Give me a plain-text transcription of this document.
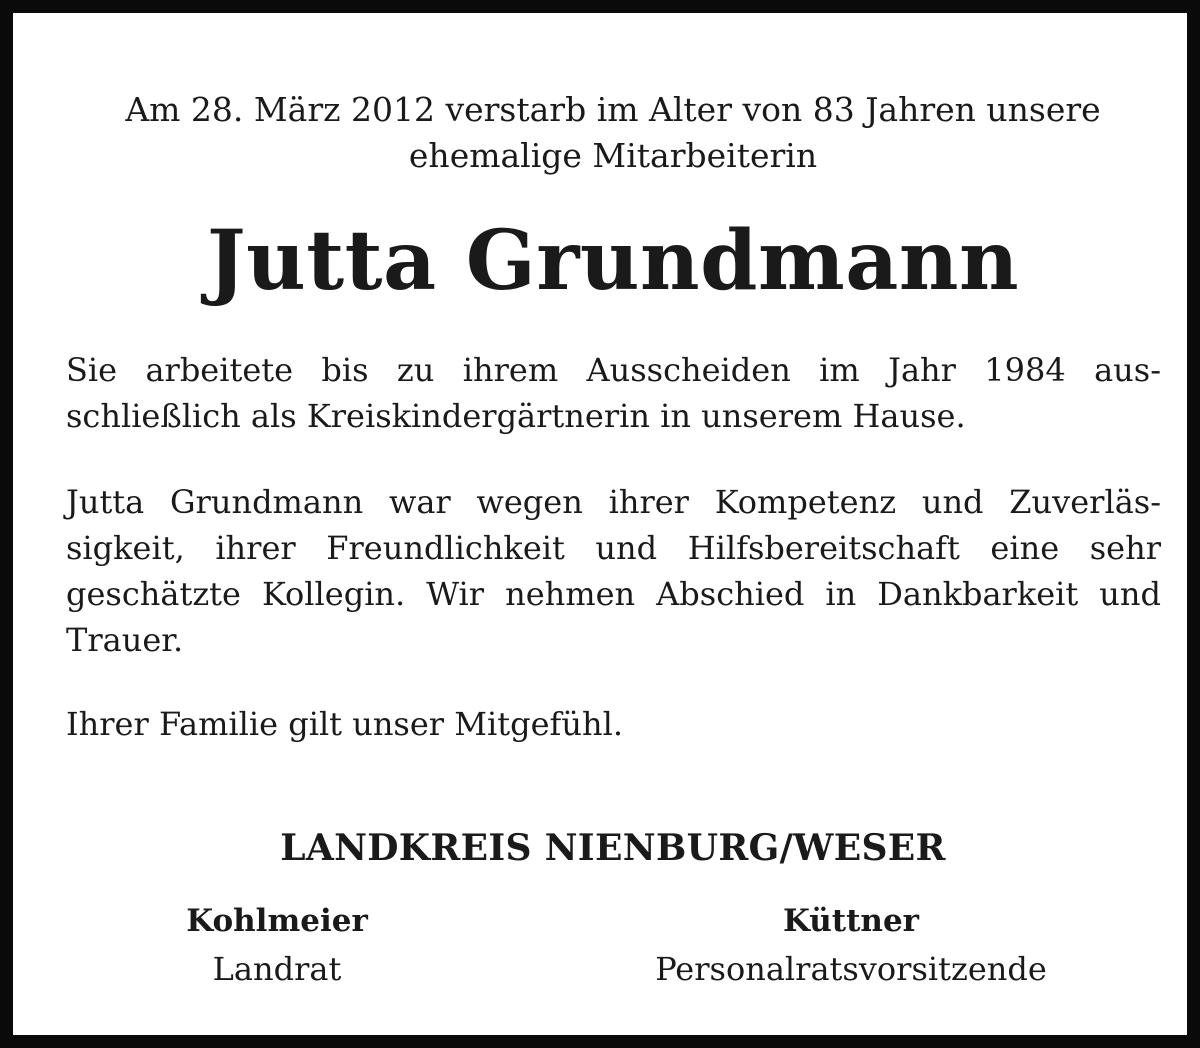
Am 28. März 2012 verstarb im Alter von 83 Jahren unsere

ehemalige Mitarbeiterin

Jutta Grundmann

Sie arbeitete bis zu ihrem Ausscheiden im Jahr 1984 aus-

schließlich als Kreiskindergärtnerin in unserem Hause.

Jutta Grundmann war wegen ihrer Kompetenz und Zuverläs-

sigkeit, ihrer Freundlichkeit und Hilfsbereitschaft eine sehr

geschätzte Kollegin. Wir nehmen Abschied in Dankbarkeit und

Trauer.

Ihrer Familie gilt unser Mitgefühl.

LANDKREIS NIENBURG/WESER

Kohlmeier

Landrat

Küttner

Personalratsvorsitzende
